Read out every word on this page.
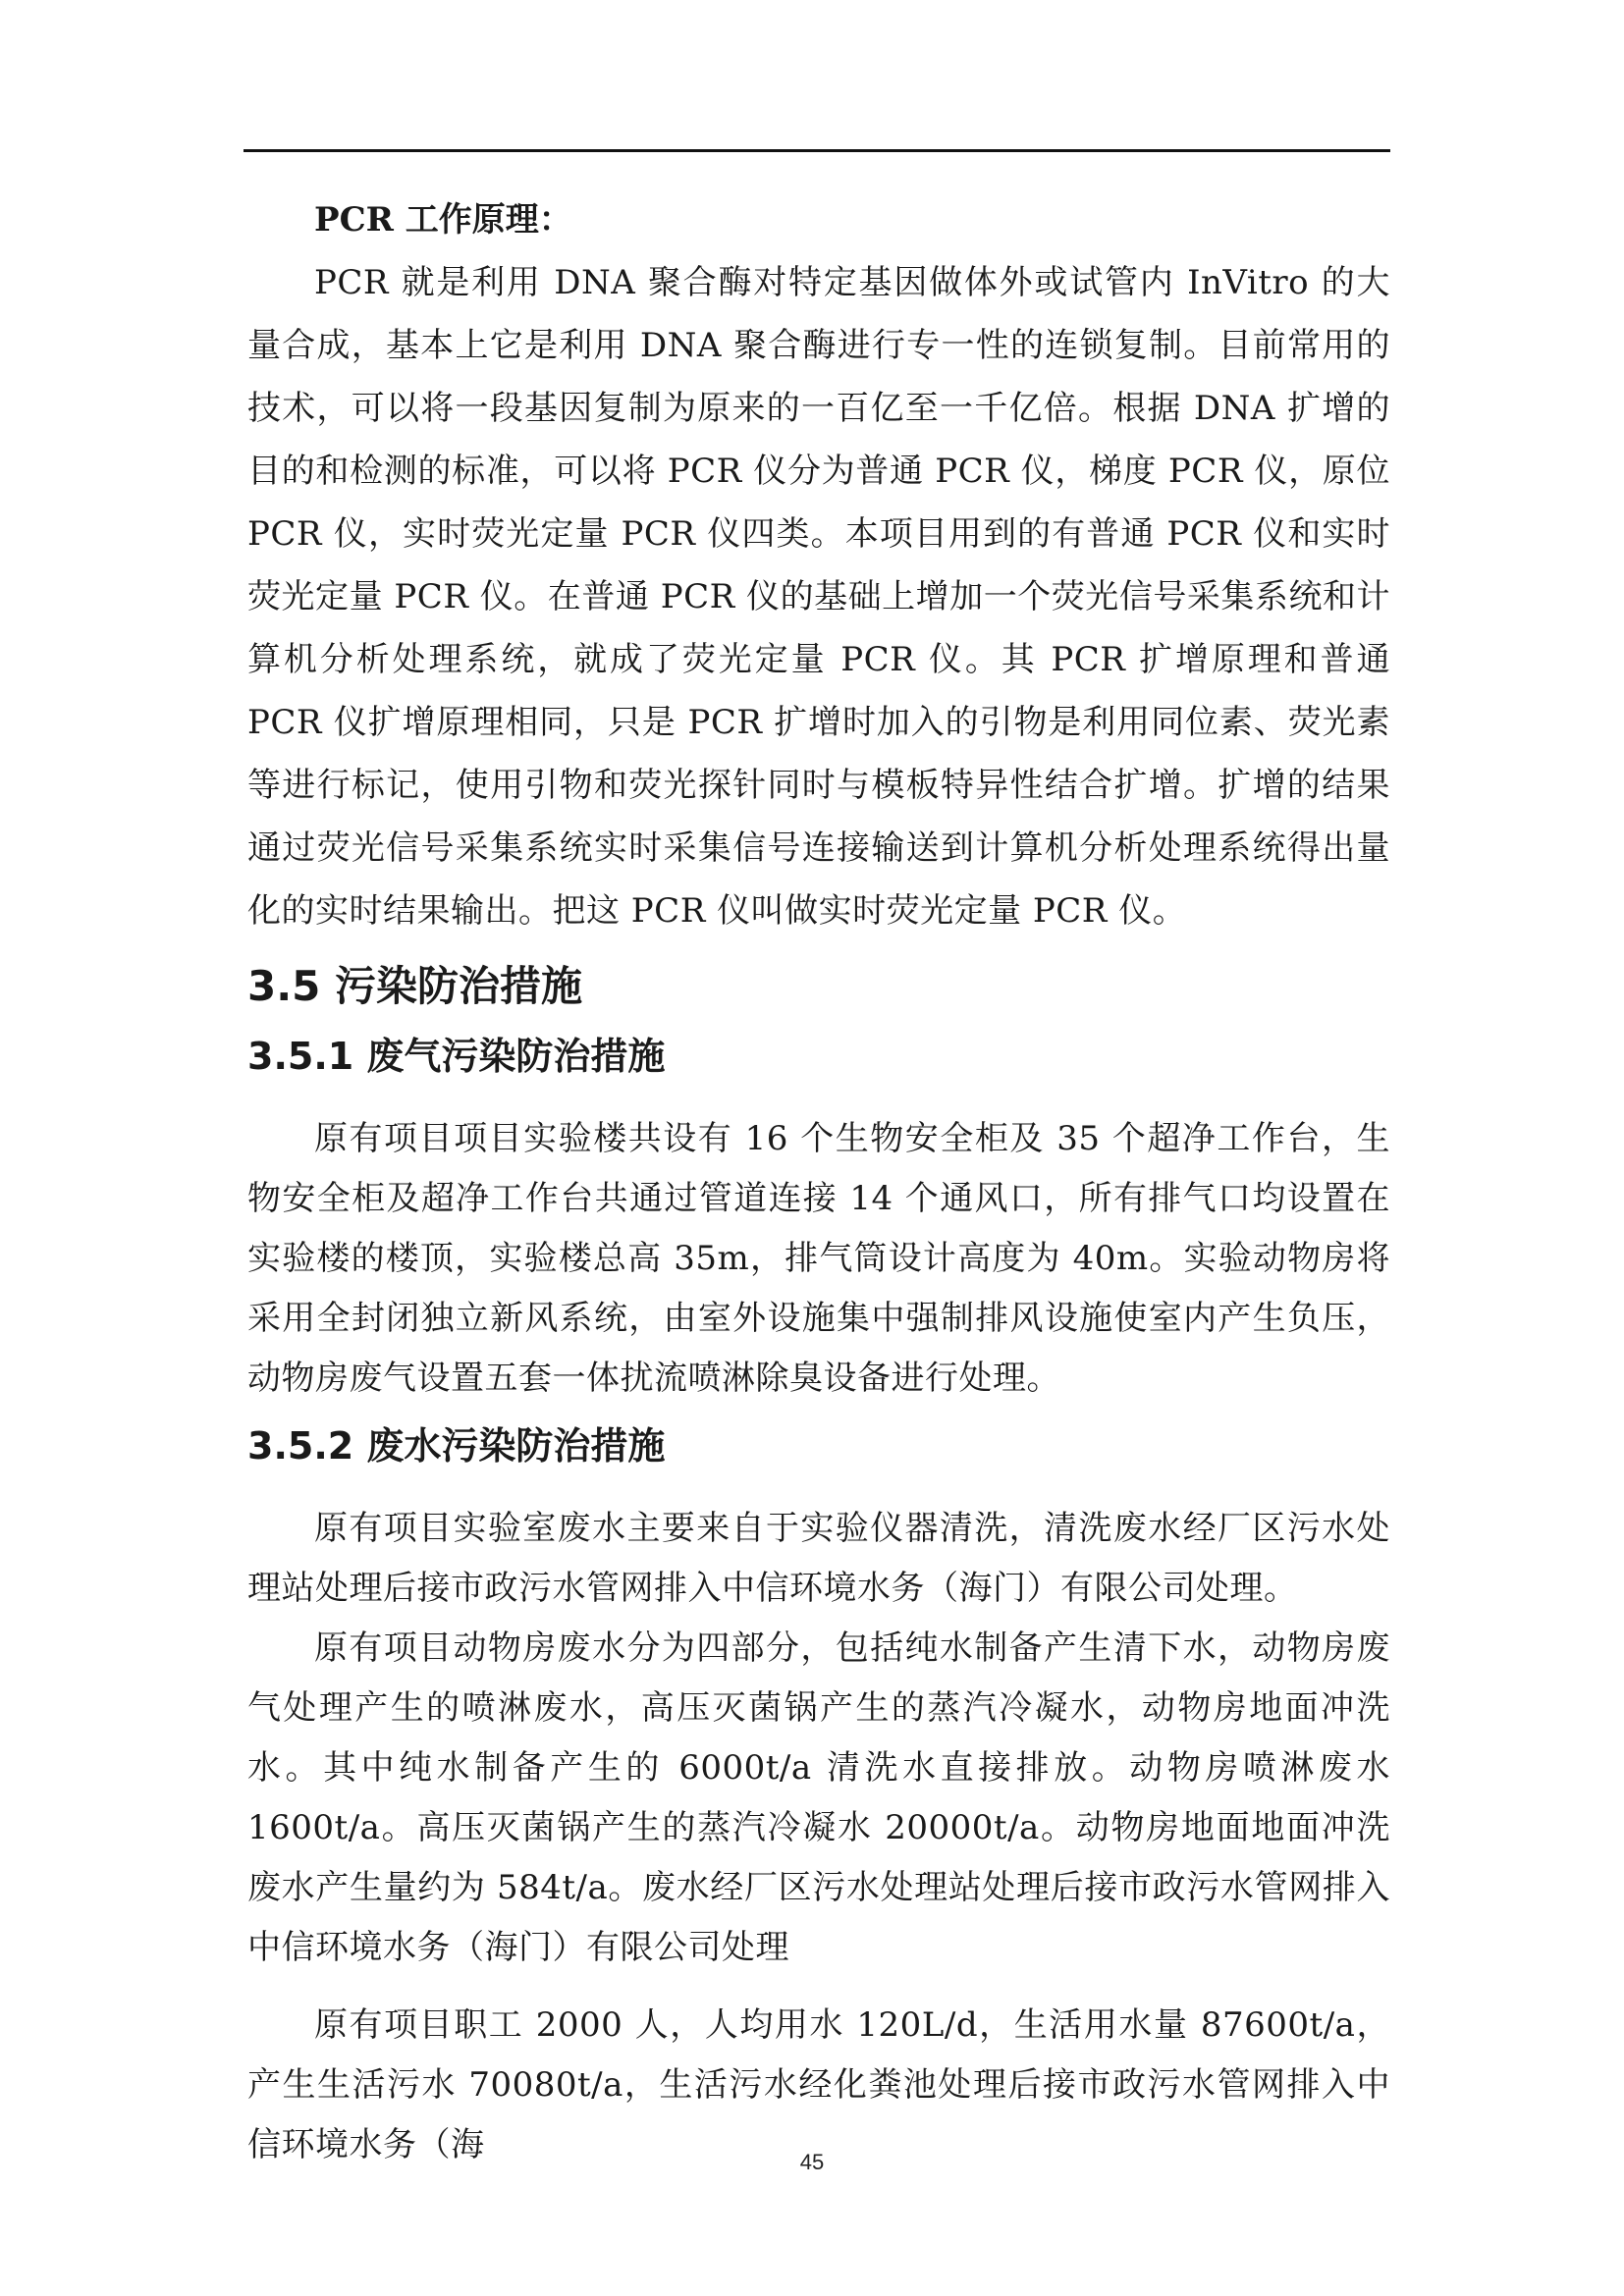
PCR 工作原理：

PCR 就是利用 DNA 聚合酶对特定基因做体外或试管内 InVitro 的大量合成，基本上它是利用 DNA 聚合酶进行专一性的连锁复制。目前常用的技术，可以将一段基因复制为原来的一百亿至一千亿倍。根据 DNA 扩增的目的和检测的标准，可以将 PCR 仪分为普通 PCR 仪，梯度 PCR 仪，原位 PCR 仪，实时荧光定量 PCR 仪四类。本项目用到的有普通 PCR 仪和实时荧光定量 PCR 仪。在普通 PCR 仪的基础上增加一个荧光信号采集系统和计算机分析处理系统，就成了荧光定量 PCR 仪。其 PCR 扩增原理和普通 PCR 仪扩增原理相同，只是 PCR 扩增时加入的引物是利用同位素、荧光素等进行标记，使用引物和荧光探针同时与模板特异性结合扩增。扩增的结果通过荧光信号采集系统实时采集信号连接输送到计算机分析处理系统得出量化的实时结果输出。把这 PCR 仪叫做实时荧光定量 PCR 仪。

3.5 污染防治措施
3.5.1 废气污染防治措施

原有项目项目实验楼共设有 16 个生物安全柜及 35 个超净工作台，生物安全柜及超净工作台共通过管道连接 14 个通风口，所有排气口均设置在实验楼的楼顶，实验楼总高 35m，排气筒设计高度为 40m。实验动物房将采用全封闭独立新风系统，由室外设施集中强制排风设施使室内产生负压，动物房废气设置五套一体扰流喷淋除臭设备进行处理。

3.5.2 废水污染防治措施

原有项目实验室废水主要来自于实验仪器清洗，清洗废水经厂区污水处理站处理后接市政污水管网排入中信环境水务（海门）有限公司处理。

原有项目动物房废水分为四部分，包括纯水制备产生清下水，动物房废气处理产生的喷淋废水，高压灭菌锅产生的蒸汽冷凝水，动物房地面冲洗水。其中纯水制备产生的 6000t/a 清洗水直接排放。动物房喷淋废水 1600t/a。高压灭菌锅产生的蒸汽冷凝水 20000t/a。动物房地面地面冲洗废水产生量约为 584t/a。废水经厂区污水处理站处理后接市政污水管网排入中信环境水务（海门）有限公司处理

原有项目职工 2000 人，人均用水 120L/d，生活用水量 87600t/a，产生生活污水 70080t/a，生活污水经化粪池处理后接市政污水管网排入中信环境水务（海	45
